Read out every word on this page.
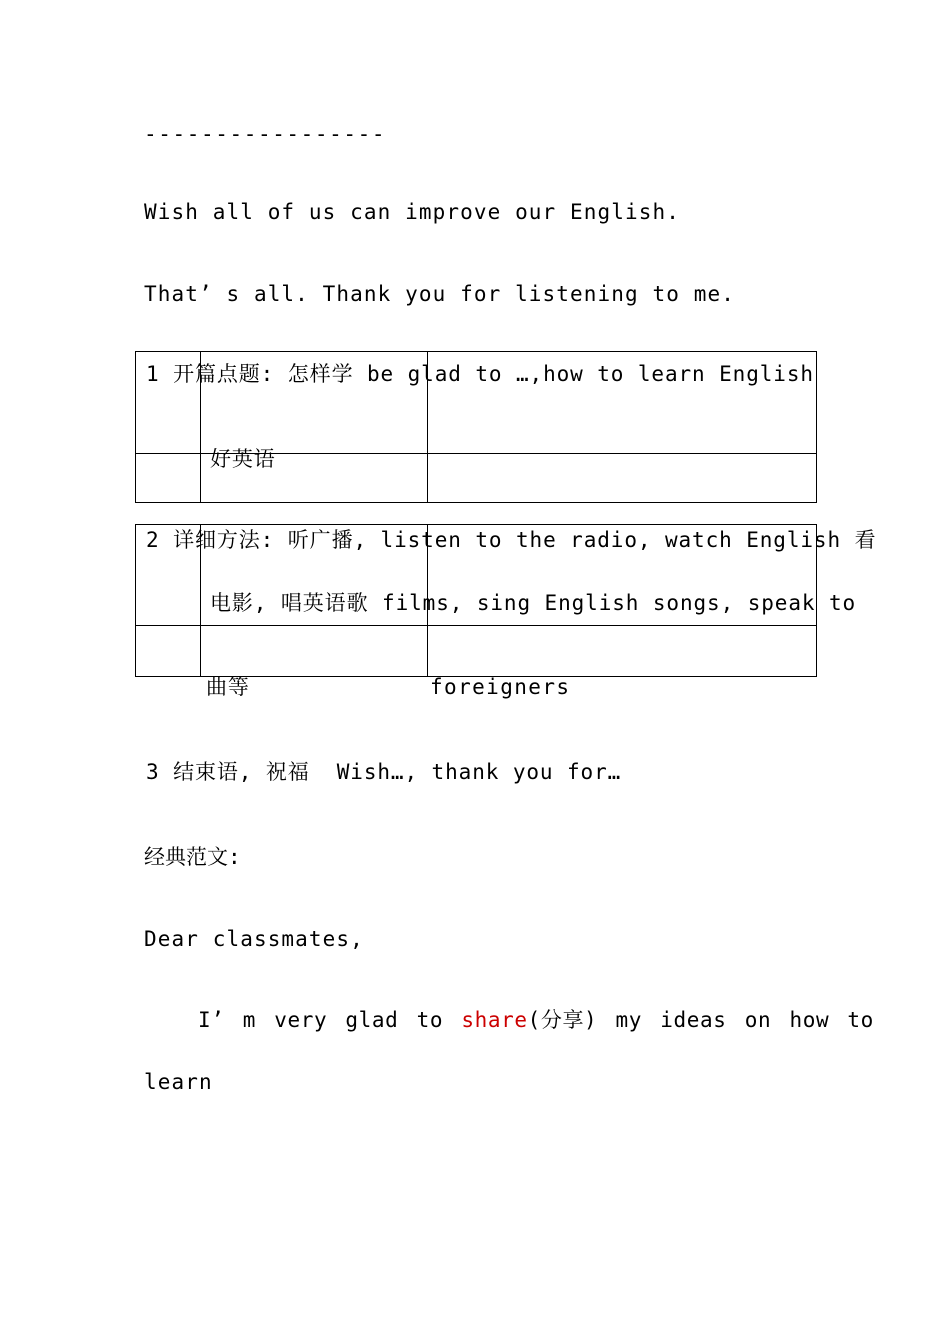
-----------------
Wish all of us can improve our English.
That’ s all. Thank you for listening to me.
1 开篇点题: 怎样学 be glad to …,how to learn English
好英语
2 详细方法: 听广播, listen to the radio, watch English 看
电影, 唱英语歌 films, sing English songs, speak to
曲等	foreigners
3 结束语, 祝福  Wish…, thank you for…
经典范文:
Dear classmates,
I’ m very glad to share(分享) my ideas on how to
learn
